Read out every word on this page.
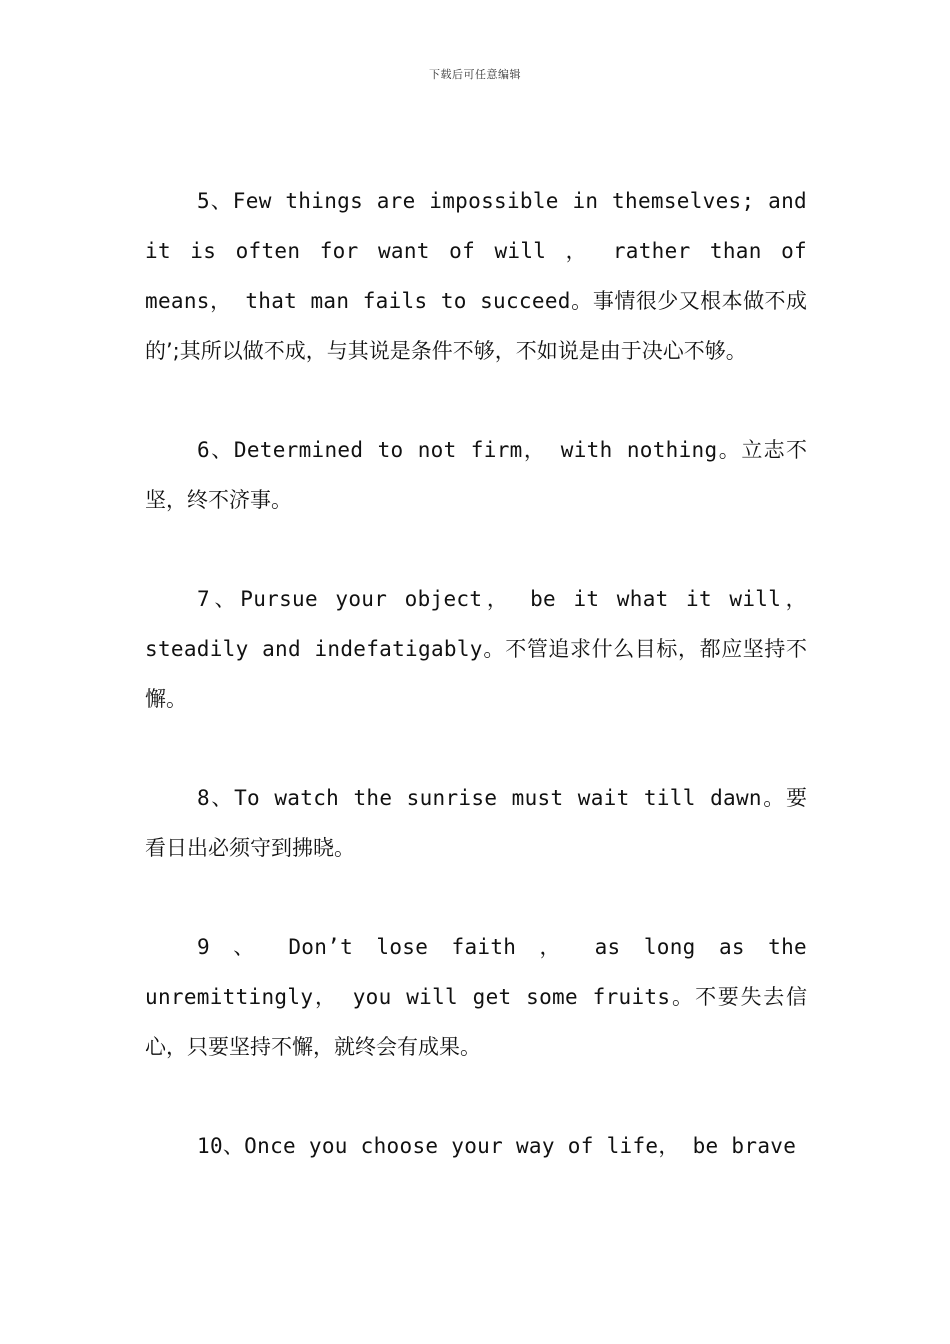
下载后可任意编辑

5、Few things are impossible in themselves; and it is often for want of will ， rather than of means， that man fails to succeed。事情很少又根本做不成的’;其所以做不成，与其说是条件不够，不如说是由于决心不够。

6、Determined to not firm， with nothing。立志不坚，终不济事。

7、Pursue your object， be it what it will， steadily and indefatigably。不管追求什么目标，都应坚持不懈。

8、To watch the sunrise must wait till dawn。要看日出必须守到拂晓。

9 、 Don’t lose faith ， as long as the unremittingly， you will get some fruits。不要失去信心，只要坚持不懈，就终会有成果。

10、Once you choose your way of life， be brave
